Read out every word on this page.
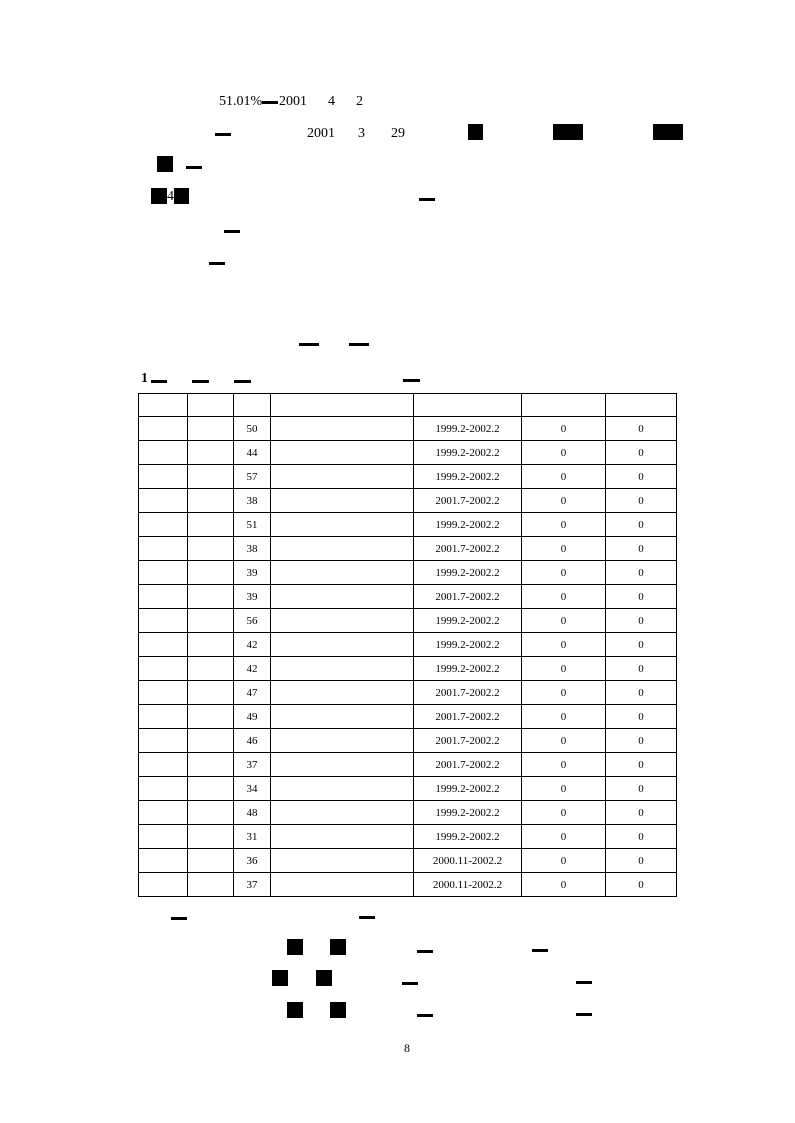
51.01% 2001 4 2
2001 3 29
4
1

		50		1999.2-2002.2	0	0
		44		1999.2-2002.2	0	0
		57		1999.2-2002.2	0	0
		38		2001.7-2002.2	0	0
		51		1999.2-2002.2	0	0
		38		2001.7-2002.2	0	0
		39		1999.2-2002.2	0	0
		39		2001.7-2002.2	0	0
		56		1999.2-2002.2	0	0
		42		1999.2-2002.2	0	0
		42		1999.2-2002.2	0	0
		47		2001.7-2002.2	0	0
		49		2001.7-2002.2	0	0
		46		2001.7-2002.2	0	0
		37		2001.7-2002.2	0	0
		34		1999.2-2002.2	0	0
		48		1999.2-2002.2	0	0
		31		1999.2-2002.2	0	0
		36		2000.11-2002.2	0	0
		37		2000.11-2002.2	0	0
8
